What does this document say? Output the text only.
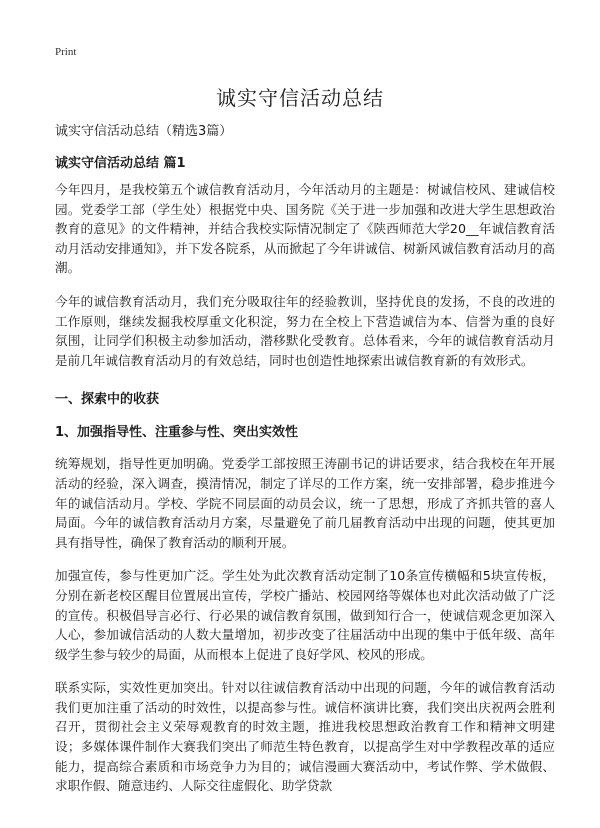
Print
诚实守信活动总结

诚实守信活动总结（精选3篇）

诚实守信活动总结 篇1

今年四月，是我校第五个诚信教育活动月，今年活动月的主题是：树诚信校风、建诚信校园。党委学工部（学生处）根据党中央、国务院《关于进一步加强和改进大学生思想政治教育的意见》的文件精神，并结合我校实际情况制定了《陕西师范大学20__年诚信教育活动月活动安排通知》，并下发各院系，从而掀起了今年讲诚信、树新风诚信教育活动月的高潮。

今年的诚信教育活动月，我们充分吸取往年的经验教训，坚持优良的发扬，不良的改进的工作原则，继续发掘我校厚重文化积淀，努力在全校上下营造诚信为本、信誉为重的良好氛围，让同学们积极主动参加活动，潜移默化受教育。总体看来，今年的诚信教育活动月是前几年诚信教育活动月的有效总结，同时也创造性地探索出诚信教育新的有效形式。

一、探索中的收获
1、加强指导性、注重参与性、突出实效性

统筹规划，指导性更加明确。党委学工部按照王涛副书记的讲话要求，结合我校在年开展活动的经验，深入调查，摸清情况，制定了详尽的工作方案，统一安排部署，稳步推进今年的诚信活动月。学校、学院不同层面的动员会议，统一了思想，形成了齐抓共管的喜人局面。今年的诚信教育活动月方案，尽量避免了前几届教育活动中出现的问题，使其更加具有指导性，确保了教育活动的顺利开展。

加强宣传，参与性更加广泛。学生处为此次教育活动定制了10条宣传横幅和5块宣传板，分别在新老校区醒目位置展出宣传，学校广播站、校园网络等媒体也对此次活动做了广泛的宣传。积极倡导言必行、行必果的诚信教育氛围，做到知行合一，使诚信观念更加深入人心，参加诚信活动的人数大量增加，初步改变了往届活动中出现的集中于低年级、高年级学生参与较少的局面，从而根本上促进了良好学风、校风的形成。

联系实际，实效性更加突出。针对以往诚信教育活动中出现的问题，今年的诚信教育活动我们更加注重了活动的时效性，以提高参与性。诚信杯演讲比赛，我们突出庆祝两会胜利召开，贯彻社会主义荣辱观教育的时效主题，推进我校思想政治教育工作和精神文明建设；多媒体课件制作大赛我们突出了师范生特色教育，以提高学生对中学教程改革的适应能力，提高综合素质和市场竞争力为目的；诚信漫画大赛活动中，考试作弊、学术做假、求职作假、随意违约、人际交往虚假化、助学贷款
